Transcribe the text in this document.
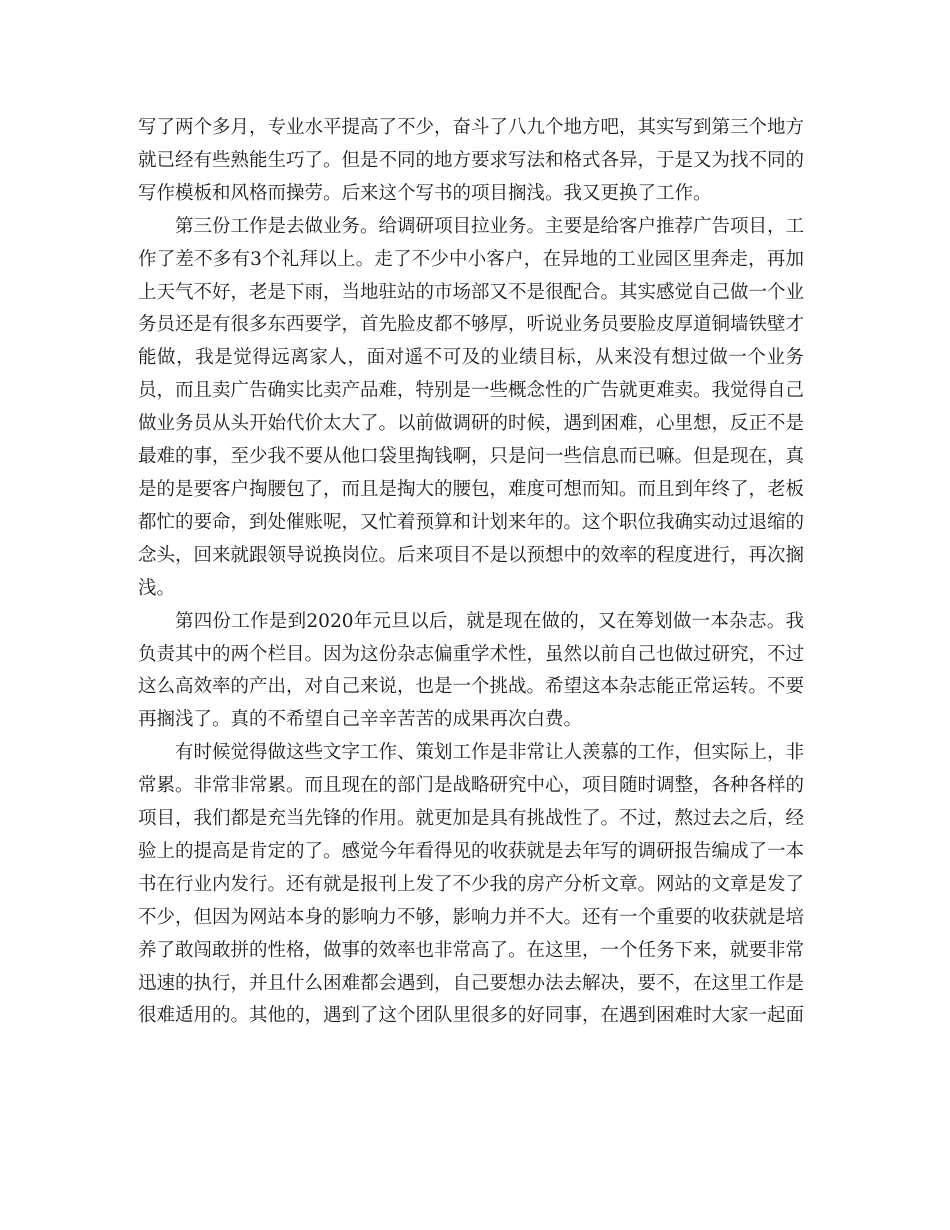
写了两个多月，专业水平提高了不少，奋斗了八九个地方吧，其实写到第三个地方就已经有些熟能生巧了。但是不同的地方要求写法和格式各异，于是又为找不同的写作模板和风格而操劳。后来这个写书的项目搁浅。我又更换了工作。

第三份工作是去做业务。给调研项目拉业务。主要是给客户推荐广告项目，工作了差不多有3个礼拜以上。走了不少中小客户，在异地的工业园区里奔走，再加上天气不好，老是下雨，当地驻站的市场部又不是很配合。其实感觉自己做一个业务员还是有很多东西要学，首先脸皮都不够厚，听说业务员要脸皮厚道铜墙铁壁才能做，我是觉得远离家人，面对遥不可及的业绩目标，从来没有想过做一个业务员，而且卖广告确实比卖产品难，特别是一些概念性的广告就更难卖。我觉得自己做业务员从头开始代价太大了。以前做调研的时候，遇到困难，心里想，反正不是最难的事，至少我不要从他口袋里掏钱啊，只是问一些信息而已嘛。但是现在，真是的是要客户掏腰包了，而且是掏大的腰包，难度可想而知。而且到年终了，老板都忙的要命，到处催账呢，又忙着预算和计划来年的。这个职位我确实动过退缩的念头，回来就跟领导说换岗位。后来项目不是以预想中的效率的程度进行，再次搁浅。

第四份工作是到2020年元旦以后，就是现在做的，又在筹划做一本杂志。我负责其中的两个栏目。因为这份杂志偏重学术性，虽然以前自己也做过研究，不过这么高效率的产出，对自己来说，也是一个挑战。希望这本杂志能正常运转。不要再搁浅了。真的不希望自己辛辛苦苦的成果再次白费。

有时候觉得做这些文字工作、策划工作是非常让人羡慕的工作，但实际上，非常累。非常非常累。而且现在的部门是战略研究中心，项目随时调整，各种各样的项目，我们都是充当先锋的作用。就更加是具有挑战性了。不过，熬过去之后，经验上的提高是肯定的了。感觉今年看得见的收获就是去年写的调研报告编成了一本书在行业内发行。还有就是报刊上发了不少我的房产分析文章。网站的文章是发了不少，但因为网站本身的影响力不够，影响力并不大。还有一个重要的收获就是培养了敢闯敢拼的性格，做事的效率也非常高了。在这里，一个任务下来，就要非常迅速的执行，并且什么困难都会遇到，自己要想办法去解决，要不，在这里工作是很难适用的。其他的，遇到了这个团队里很多的好同事，在遇到困难时大家一起面
